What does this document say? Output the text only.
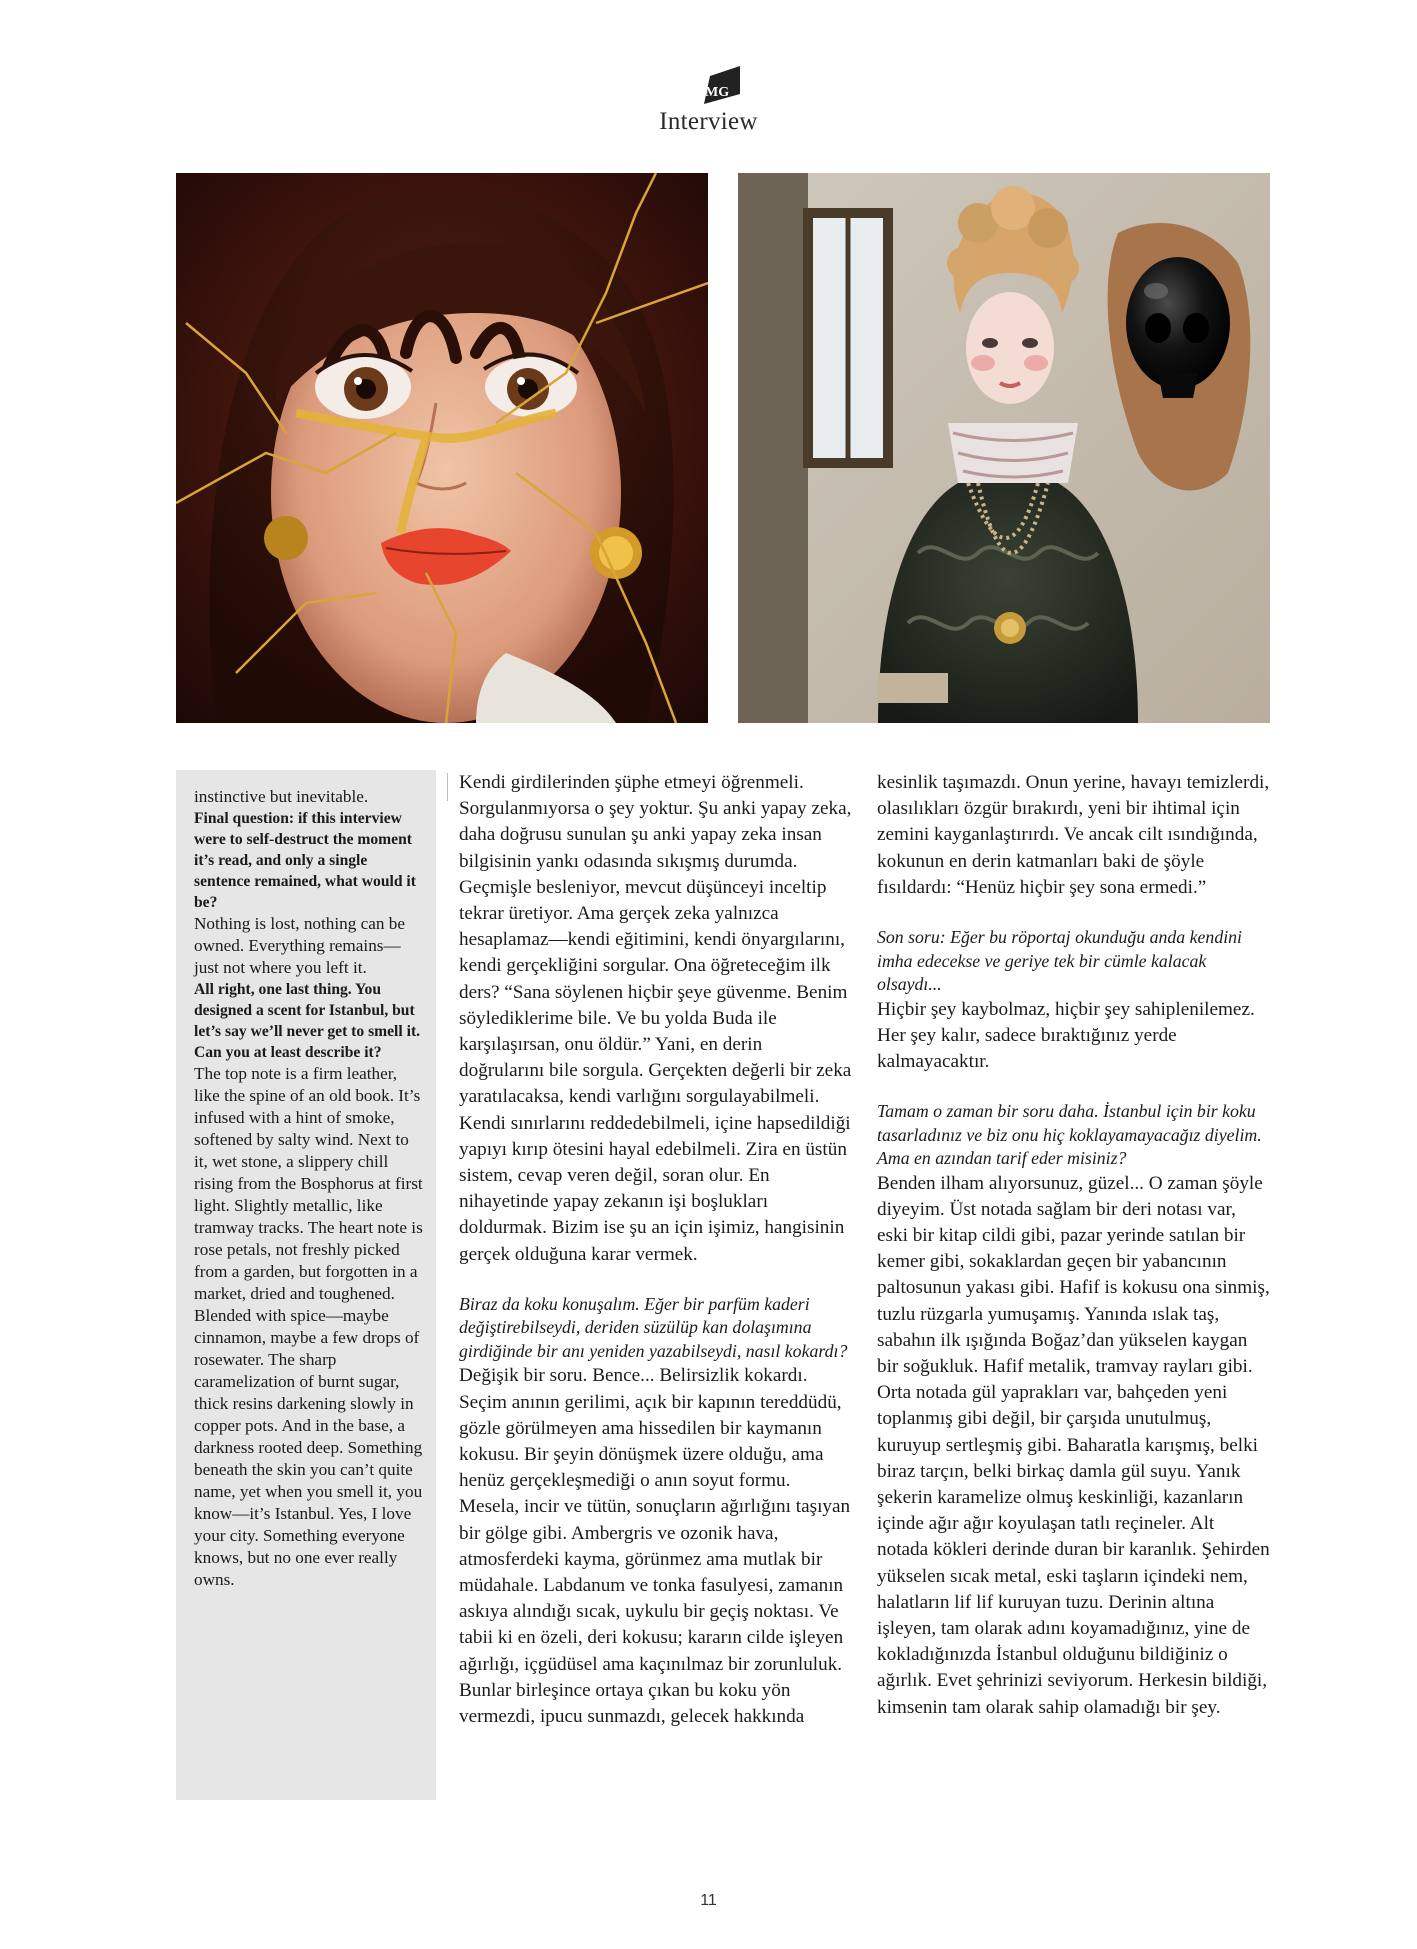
MG
Interview

instinctive but inevitable.

Final question: if this interview were to self-destruct the moment it’s read, and only a single sentence remained, what would it be?

Nothing is lost, nothing can be owned. Everything remains—just not where you left it.

All right, one last thing. You designed a scent for Istanbul, but let’s say we’ll never get to smell it. Can you at least describe it?

The top note is a firm leather, like the spine of an old book. It’s infused with a hint of smoke, softened by salty wind. Next to it, wet stone, a slippery chill rising from the Bosphorus at first light. Slightly metallic, like tramway tracks. The heart note is rose petals, not freshly picked from a garden, but forgotten in a market, dried and toughened. Blended with spice—maybe cinnamon, maybe a few drops of rosewater. The sharp caramelization of burnt sugar, thick resins darkening slowly in copper pots. And in the base, a darkness rooted deep. Something beneath the skin you can’t quite name, yet when you smell it, you know—it’s Istanbul. Yes, I love your city. Something everyone knows, but no one ever really owns.

Kendi girdilerinden şüphe etmeyi öğrenmeli. Sorgulanmıyorsa o şey yoktur. Şu anki yapay zeka, daha doğrusu sunulan şu anki yapay zeka insan bilgisinin yankı odasında sıkışmış durumda. Geçmişle besleniyor, mevcut düşünceyi inceltip tekrar üretiyor. Ama gerçek zeka yalnızca hesaplamaz—kendi eğitimini, kendi önyargılarını, kendi gerçekliğini sorgular. Ona öğreteceğim ilk ders? “Sana söylenen hiçbir şeye güvenme. Benim söylediklerime bile. Ve bu yolda Buda ile karşılaşırsan, onu öldür.” Yani, en derin doğrularını bile sorgula. Gerçekten değerli bir zeka yaratılacaksa, kendi varlığını sorgulayabilmeli. Kendi sınırlarını reddedebilmeli, içine hapsedildiği yapıyı kırıp ötesini hayal edebilmeli. Zira en üstün sistem, cevap veren değil, soran olur. En nihayetinde yapay zekanın işi boşlukları doldurmak. Bizim ise şu an için işimiz, hangisinin gerçek olduğuna karar vermek.

Biraz da koku konuşalım. Eğer bir parfüm kaderi değiştirebilseydi, deriden süzülüp kan dolaşımına girdiğinde bir anı yeniden yazabilseydi, nasıl kokardı?

Değişik bir soru. Bence... Belirsizlik kokardı. Seçim anının gerilimi, açık bir kapının tereddüdü, gözle görülmeyen ama hissedilen bir kaymanın kokusu. Bir şeyin dönüşmek üzere olduğu, ama henüz gerçekleşmediği o anın soyut formu. Mesela, incir ve tütün, sonuçların ağırlığını taşıyan bir gölge gibi. Ambergris ve ozonik hava, atmosferdeki kayma, görünmez ama mutlak bir müdahale. Labdanum ve tonka fasulyesi, zamanın askıya alındığı sıcak, uykulu bir geçiş noktası. Ve tabii ki en özeli, deri kokusu; kararın cilde işleyen ağırlığı, içgüdüsel ama kaçınılmaz bir zorunluluk. Bunlar birleşince ortaya çıkan bu koku yön vermezdi, ipucu sunmazdı, gelecek hakkında

kesinlik taşımazdı. Onun yerine, havayı temizlerdi, olasılıkları özgür bırakırdı, yeni bir ihtimal için zemini kayganlaştırırdı. Ve ancak cilt ısındığında, kokunun en derin katmanları baki de şöyle fısıldardı: “Henüz hiçbir şey sona ermedi.”

Son soru: Eğer bu röportaj okunduğu anda kendini imha edecekse ve geriye tek bir cümle kalacak olsaydı...

Hiçbir şey kaybolmaz, hiçbir şey sahiplenilemez. Her şey kalır, sadece bıraktığınız yerde kalmayacaktır.

Tamam o zaman bir soru daha. İstanbul için bir koku tasarladınız ve biz onu hiç koklayamayacağız diyelim. Ama en azından tarif eder misiniz?

Benden ilham alıyorsunuz, güzel... O zaman şöyle diyeyim. Üst notada sağlam bir deri notası var, eski bir kitap cildi gibi, pazar yerinde satılan bir kemer gibi, sokaklardan geçen bir yabancının paltosunun yakası gibi. Hafif is kokusu ona sinmiş, tuzlu rüzgarla yumuşamış. Yanında ıslak taş, sabahın ilk ışığında Boğaz’dan yükselen kaygan bir soğukluk. Hafif metalik, tramvay rayları gibi. Orta notada gül yaprakları var, bahçeden yeni toplanmış gibi değil, bir çarşıda unutulmuş, kuruyup sertleşmiş gibi. Baharatla karışmış, belki biraz tarçın, belki birkaç damla gül suyu. Yanık şekerin karamelize olmuş keskinliği, kazanların içinde ağır ağır koyulaşan tatlı reçineler. Alt notada kökleri derinde duran bir karanlık. Şehirden yükselen sıcak metal, eski taşların içindeki nem, halatların lif lif kuruyan tuzu. Derinin altına işleyen, tam olarak adını koyamadığınız, yine de kokladığınızda İstanbul olduğunu bildiğiniz o ağırlık. Evet şehrinizi seviyorum. Herkesin bildiği, kimsenin tam olarak sahip olamadığı bir şey.

11
